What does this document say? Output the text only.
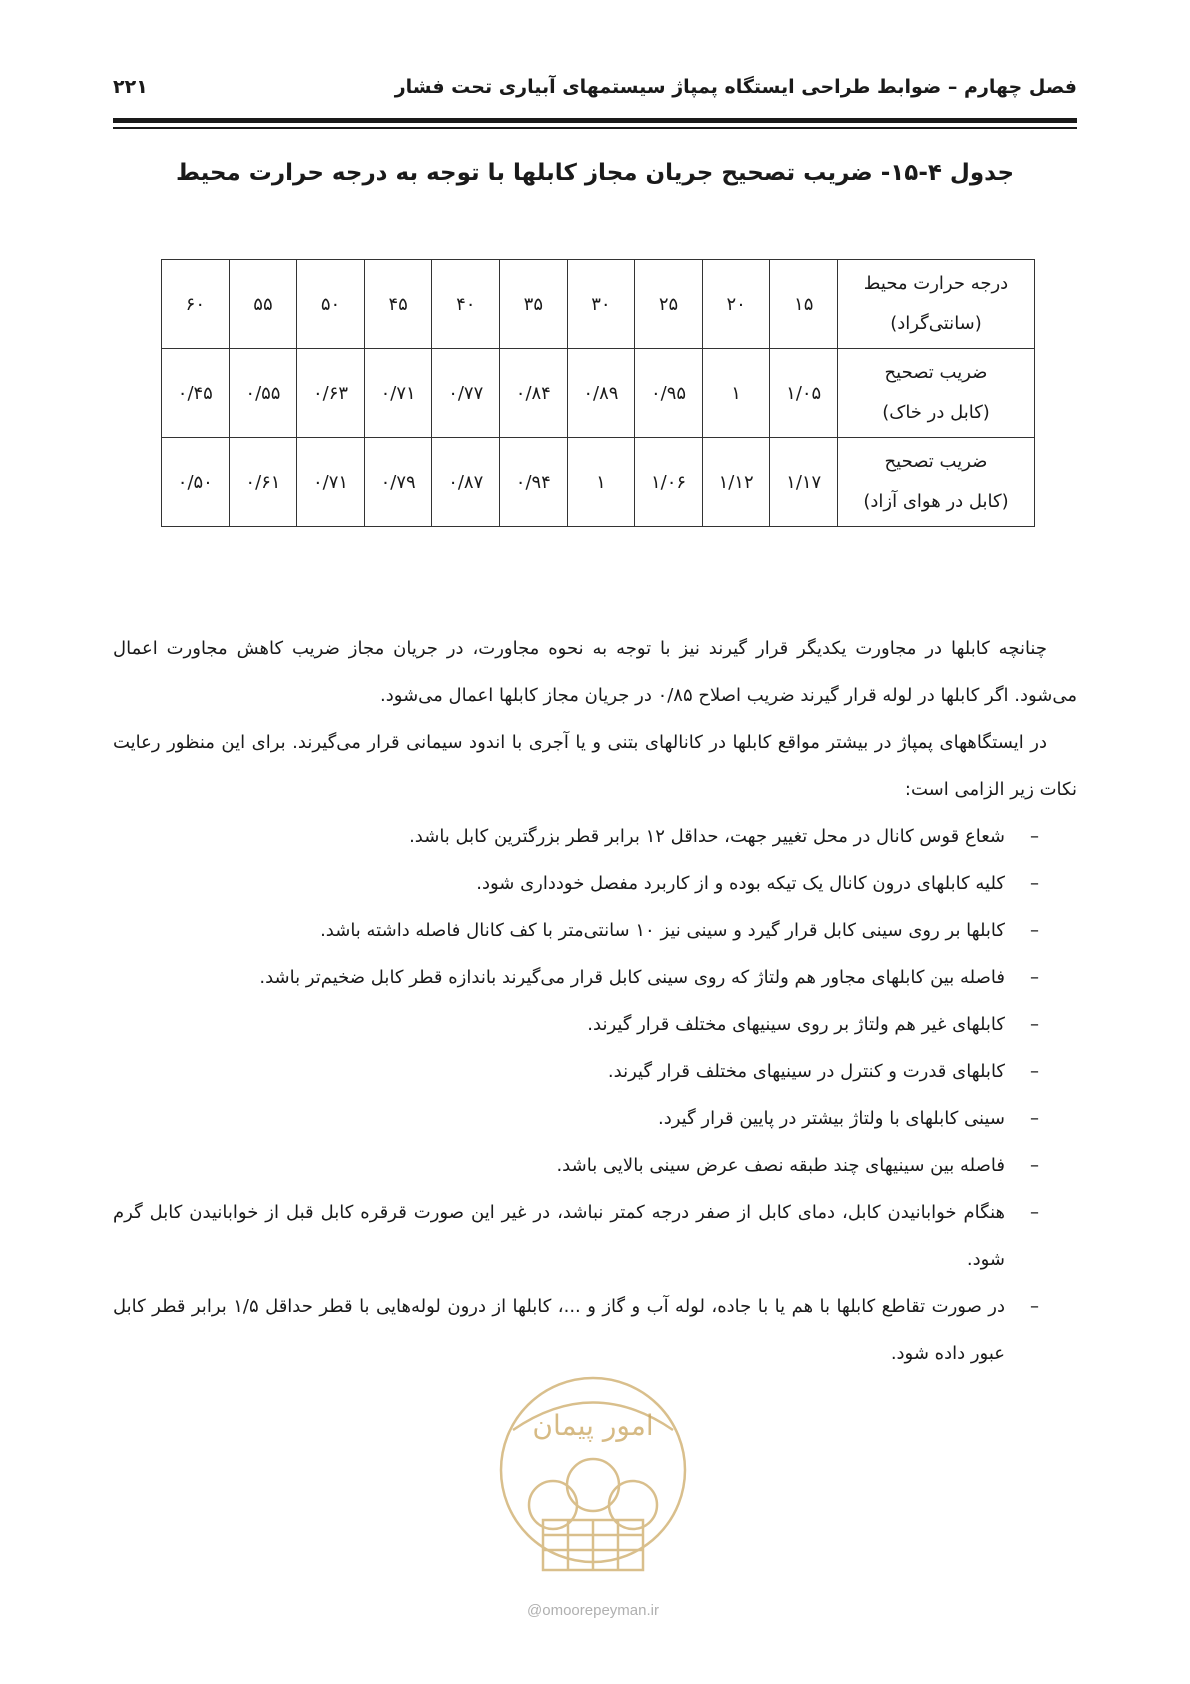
فصل چهارم – ضوابط طراحی ایستگاه پمپاژ سیستمهای آبیاری تحت فشار
۲۲۱
جدول ۴-۱۵- ضریب تصحیح جریان مجاز کابلها با توجه به درجه حرارت محیط
درجه حرارت محیط
(سانتی‌گراد)	۱۵	۲۰	۲۵	۳۰	۳۵	۴۰	۴۵	۵۰	۵۵	۶۰

ضریب تصحیح
(کابل در خاک)	۱/۰۵	۱	۰/۹۵	۰/۸۹	۰/۸۴	۰/۷۷	۰/۷۱	۰/۶۳	۰/۵۵	۰/۴۵

ضریب تصحیح
(کابل در هوای آزاد)	۱/۱۷	۱/۱۲	۱/۰۶	۱	۰/۹۴	۰/۸۷	۰/۷۹	۰/۷۱	۰/۶۱	۰/۵۰

چنانچه کابلها در مجاورت یکدیگر قرار گیرند نیز با توجه به نحوه مجاورت، در جریان مجاز ضریب کاهش مجاورت اعمال می‌شود. اگر کابلها در لوله قرار گیرند ضریب اصلاح ۰/۸۵ در جریان مجاز کابلها اعمال می‌شود.

در ایستگاههای پمپاژ در بیشتر مواقع کابلها در کانالهای بتنی و یا آجری با اندود سیمانی قرار می‌گیرند. برای این منظور رعایت نکات زیر الزامی است:

–
شعاع قوس کانال در محل تغییر جهت، حداقل ۱۲ برابر قطر بزرگترین کابل باشد.
–
کلیه کابلهای درون کانال یک تیکه بوده و از کاربرد مفصل خودداری شود.
–
کابلها بر روی سینی کابل قرار گیرد و سینی نیز ۱۰ سانتی‌متر با کف کانال فاصله داشته باشد.
–
فاصله بین کابلهای مجاور هم ولتاژ که روی سینی کابل قرار می‌گیرند باندازه قطر کابل ضخیم‌تر باشد.
–
کابلهای غیر هم ولتاژ بر روی سینیهای مختلف قرار گیرند.
–
کابلهای قدرت و کنترل در سینیهای مختلف قرار گیرند.
–
سینی کابلهای با ولتاژ بیشتر در پایین قرار گیرد.
–
فاصله بین سینیهای چند طبقه نصف عرض سینی بالایی باشد.
–
هنگام خوابانیدن کابل، دمای کابل از صفر درجه کمتر نباشد، در غیر این صورت قرقره کابل قبل از خوابانیدن کابل گرم شود.
–
در صورت تقاطع کابلها با هم یا با جاده، لوله آب و گاز و ...، کابلها از درون لوله‌هایی با قطر حداقل ۱/۵ برابر قطر کابل عبور داده شود.
امور پیمان
@omoorepeyman.ir
